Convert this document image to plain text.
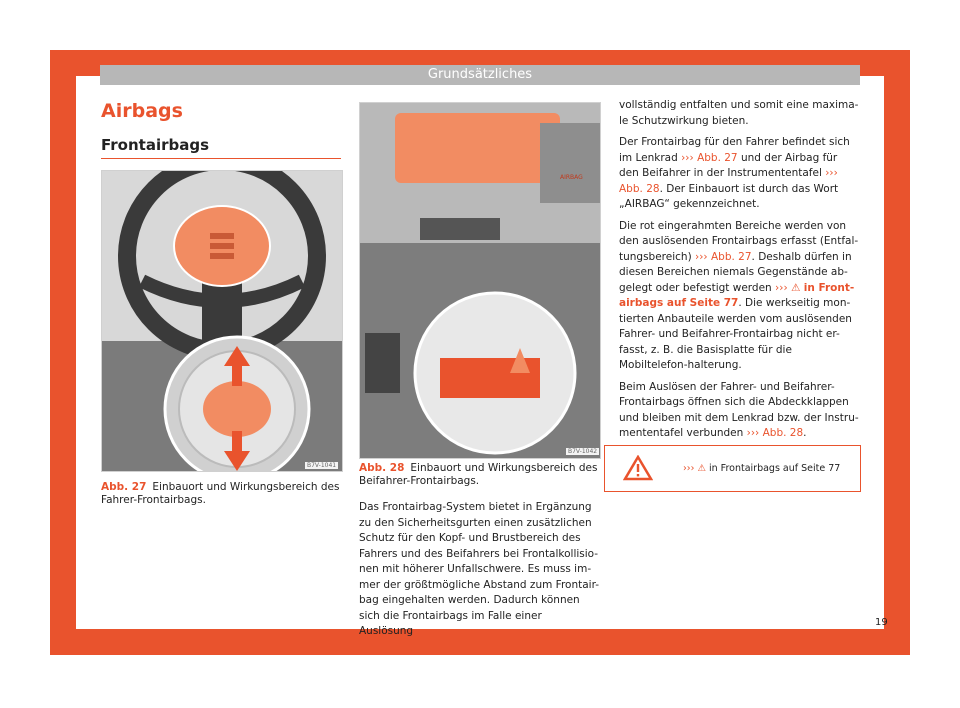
Grundsätzliches
Airbags
Frontairbags
B7V-1041
Abb. 27 Einbauort und Wirkungsbereich des Fahrer-Frontairbags.
AIRBAG
B7V-1042
Abb. 28 Einbauort und Wirkungsbereich des Beifahrer-Frontairbags.

Das Frontairbag-System bietet in Ergänzung zu den Sicherheitsgurten einen zusätzlichen Schutz für den Kopf- und Brustbereich des Fahrers und des Beifahrers bei Frontalkollisio-nen mit höherer Unfallschwere. Es muss im-mer der größtmögliche Abstand zum Frontair-bag eingehalten werden. Dadurch können sich die Frontairbags im Falle einer Auslösung

vollständig entfalten und somit eine maxima-le Schutzwirkung bieten.

Der Frontairbag für den Fahrer befindet sich im Lenkrad ››› Abb. 27 und der Airbag für den Beifahrer in der Instrumententafel ››› Abb. 28. Der Einbauort ist durch das Wort „AIRBAG“ gekennzeichnet.

Die rot eingerahmten Bereiche werden von den auslösenden Frontairbags erfasst (Entfal-tungsbereich) ››› Abb. 27. Deshalb dürfen in diesen Bereichen niemals Gegenstände ab-gelegt oder befestigt werden ››› ⚠ in Front-airbags auf Seite 77. Die werkseitig mon-tierten Anbauteile werden vom auslösenden Fahrer- und Beifahrer-Frontairbag nicht er-fasst, z. B. die Basisplatte für die Mobiltelefon-halterung.

Beim Auslösen der Fahrer- und Beifahrer-Frontairbags öffnen sich die Abdeckklappen und bleiben mit dem Lenkrad bzw. der Instru-mententafel verbunden ››› Abb. 28.

››› ⚠ in Frontairbags auf Seite 77
19
